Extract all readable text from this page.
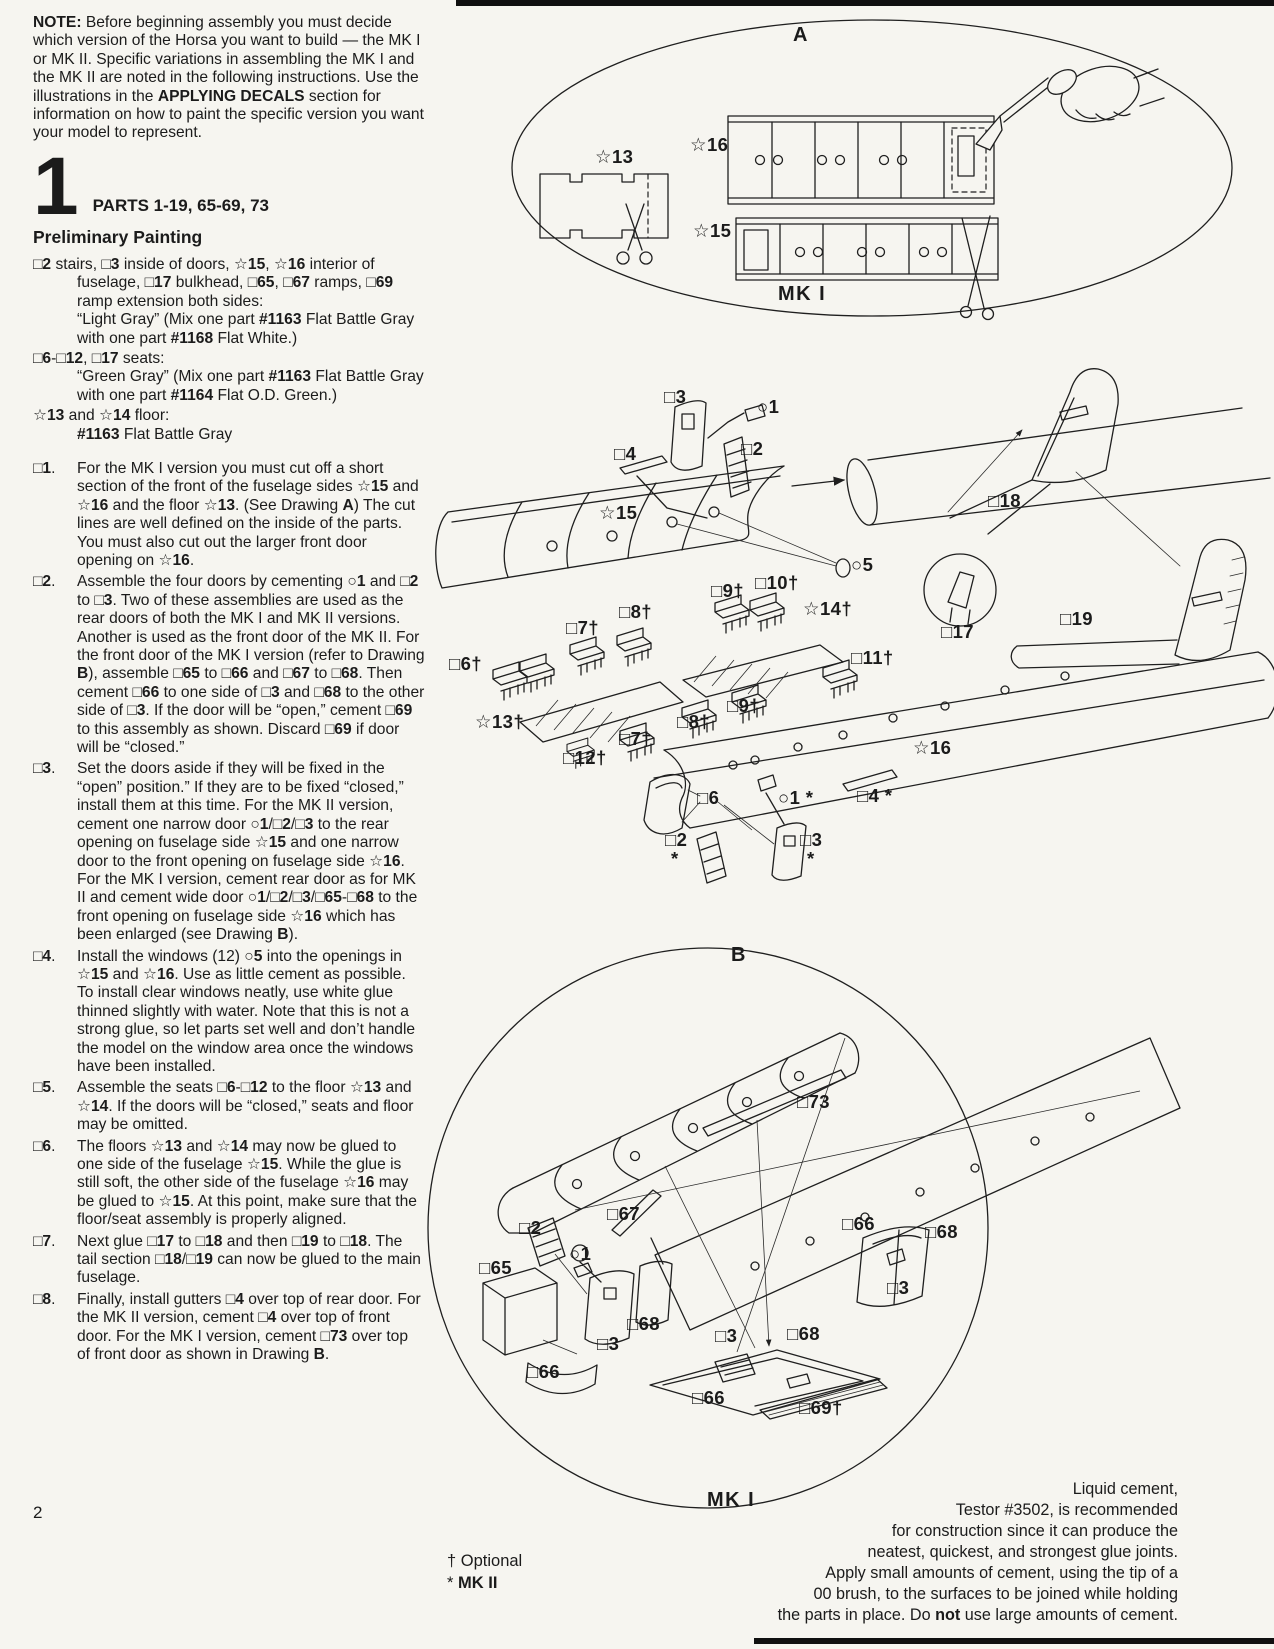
NOTE: Before beginning assembly you must decide which version of the Horsa you want to build — the MK I or MK II. Specific variations in assembling the MK I and the MK II are noted in the following instructions. Use the illustrations in the APPLYING DECALS section for information on how to paint the specific version you want your model to represent.

1 PARTS 1-19, 65-69, 73
Preliminary Painting
□2 stairs, □3 inside of doors, ☆15, ☆16 interior of fuselage, □17 bulkhead, □65, □67 ramps, □69 ramp extension both sides:
“Light Gray” (Mix one part #1163 Flat Battle Gray with one part #1168 Flat White.)
□6-□12, □17 seats:
“Green Gray” (Mix one part #1163 Flat Battle Gray with one part #1164 Flat O.D. Green.)
☆13 and ☆14 floor:
#1163 Flat Battle Gray
□1. For the MK I version you must cut off a short section of the front of the fuselage sides ☆15 and ☆16 and the floor ☆13. (See Drawing A) The cut lines are well defined on the inside of the parts. You must also cut out the larger front door opening on ☆16.
□2. Assemble the four doors by cementing ○1 and □2 to □3. Two of these assemblies are used as the rear doors of both the MK I and MK II versions. Another is used as the front door of the MK II. For the front door of the MK I version (refer to Drawing B), assemble □65 to □66 and □67 to □68. Then cement □66 to one side of □3 and □68 to the other side of □3. If the door will be “open,” cement □69 to this assembly as shown. Discard □69 if door will be “closed.”
□3. Set the doors aside if they will be fixed in the “open” position.” If they are to be fixed “closed,” install them at this time. For the MK II version, cement one narrow door ○1/□2/□3 to the rear opening on fuselage side ☆15 and one narrow door to the front opening on fuselage side ☆16. For the MK I version, cement rear door as for MK II and cement wide door ○1/□2/□3/□65-□68 to the front opening on fuselage side ☆16 which has been enlarged (see Drawing B).
□4. Install the windows (12) ○5 into the openings in ☆15 and ☆16. Use as little cement as possible. To install clear windows neatly, use white glue thinned slightly with water. Note that this is not a strong glue, so let parts set well and don’t handle the model on the window area once the windows have been installed.
□5. Assemble the seats □6-□12 to the floor ☆13 and ☆14. If the doors will be “closed,” seats and floor may be omitted.
□6. The floors ☆13 and ☆14 may now be glued to one side of the fuselage ☆15. While the glue is still soft, the other side of the fuselage ☆16 may be glued to ☆15. At this point, make sure that the floor/seat assembly is properly aligned.
□7. Next glue □17 to □18 and then □19 to □18. The tail section □18/□19 can now be glued to the main fuselage.
□8. Finally, install gutters □4 over top of rear door. For the MK II version, cement □4 over top of front door. For the MK I version, cement □73 over top of front door as shown in Drawing B.
2
A
☆13
☆16
☆15
MK I
□3	○1
□2
□4
☆15
□18
○5
□10†
□9†
☆14†
□8†
□7†	□17
□19
□6†	□11†
☆13†
□9†
□8†
□7†
□12†	☆16
□6	○1 * □4 *
□2
*
□3
*
B
□73
□67
□2
○1
□65
□66	□68
□3
□68
□3
□66
□3	□68
□66	□69†
MK I	Liquid cement,
Testor #3502, is recommended
for construction since it can produce the
neatest, quickest, and strongest glue joints.
Apply small amounts of cement, using the tip of a
00 brush, to the surfaces to be joined while holding
the parts in place. Do not use large amounts of cement.
† Optional
* MK II
